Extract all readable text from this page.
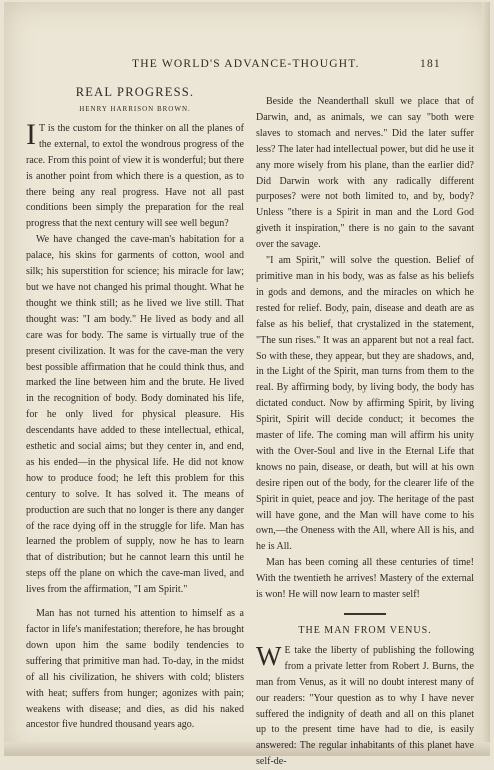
THE WORLD'S ADVANCE-THOUGHT.	181
REAL PROGRESS.
HENRY HARRISON BROWN.

I T is the custom for the thinker on all the planes of the external, to extol the wondrous progress of the race. From this point of view it is wonderful; but there is another point from which there is a question, as to there being any real progress. Have not all past conditions been simply the preparation for the real progress that the next century will see well begun?

We have changed the cave-man's habitation for a palace, his skins for garments of cotton, wool and silk; his superstition for science; his miracle for law; but we have not changed his primal thought. What he thought we think still; as he lived we live still. That thought was: "I am body." He lived as body and all care was for body. The same is virtually true of the present civilization. It was for the cave-man the very best possible affirmation that he could think thus, and marked the line between him and the brute. He lived in the recognition of body. Body dominated his life, for he only lived for physical pleasure. His descendants have added to these intellectual, ethical, esthetic and social aims; but they center in, and end, as his ended—in the physical life. He did not know how to produce food; he left this problem for this century to solve. It has solved it. The means of production are such that no longer is there any danger of the race dying off in the struggle for life. Man has learned the problem of supply, now he has to learn that of distribution; but he cannot learn this until he steps off the plane on which the cave-man lived, and lives from the affirmation, "I am Spirit."

Man has not turned his attention to himself as a factor in life's manifestation; therefore, he has brought down upon him the same bodily tendencies to suffering that primitive man had. To-day, in the midst of all his civilization, he shivers with cold; blisters with heat; suffers from hunger; agonizes with pain; weakens with disease; and dies, as did his naked ancestor five hundred thousand years ago.

Beside the Neanderthall skull we place that of Darwin, and, as animals, we can say "both were slaves to stomach and nerves." Did the later suffer less? The later had intellectual power, but did he use it any more wisely from his plane, than the earlier did? Did Darwin work with any radically different purposes? were not both limited to, and by, body? Unless "there is a Spirit in man and the Lord God giveth it inspiration," there is no gain to the savant over the savage.

"I am Spirit," will solve the question. Belief of primitive man in his body, was as false as his beliefs in gods and demons, and the miracles on which he rested for relief. Body, pain, disease and death are as false as his belief, that crystalized in the statement, "The sun rises." It was an apparent but not a real fact. So with these, they appear, but they are shadows, and, in the Light of the Spirit, man turns from them to the real. By affirming body, by living body, the body has dictated conduct. Now by affirming Spirit, by living Spirit, Spirit will decide conduct; it becomes the master of life. The coming man will affirm his unity with the Over-Soul and live in the Eternal Life that knows no pain, disease, or death, but will at his own desire ripen out of the body, for the clearer life of the Spirit in quiet, peace and joy. The heritage of the past will have gone, and the Man will have come to his own,—the Oneness with the All, where All is his, and he is All.

Man has been coming all these centuries of time! With the twentieth he arrives! Mastery of the external is won! He will now learn to master self!

THE MAN FROM VENUS.

W E take the liberty of publishing the following from a private letter from Robert J. Burns, the man from Venus, as it will no doubt interest many of our readers: "Your question as to why I have never suffered the indignity of death and all on this planet up to the present time have had to die, is easily answered: The regular inhabitants of this planet have self-de-
